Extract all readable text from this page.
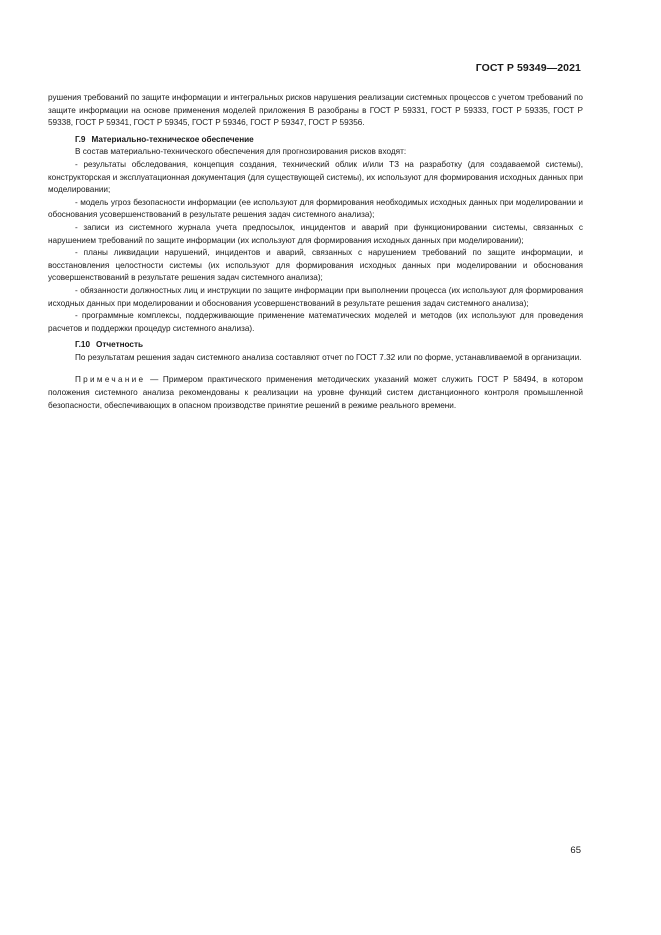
ГОСТ Р 59349—2021

рушения требований по защите информации и интегральных рисков нарушения реализации системных процессов с учетом требований по защите информации на основе применения моделей приложения В разобраны в ГОСТ Р 59331, ГОСТ Р 59333, ГОСТ Р 59335, ГОСТ Р 59338, ГОСТ Р 59341, ГОСТ Р 59345, ГОСТ Р 59346, ГОСТ Р 59347, ГОСТ Р 59356.

Г.9 Материально-техническое обеспечение

В состав материально-технического обеспечения для прогнозирования рисков входят:

- результаты обследования, концепция создания, технический облик и/или ТЗ на разработку (для создаваемой системы), конструкторская и эксплуатационная документация (для существующей системы), их используют для формирования исходных данных при моделировании;

- модель угроз безопасности информации (ее используют для формирования необходимых исходных данных при моделировании и обоснования усовершенствований в результате решения задач системного анализа);

- записи из системного журнала учета предпосылок, инцидентов и аварий при функционировании системы, связанных с нарушением требований по защите информации (их используют для формирования исходных данных при моделировании);

- планы ликвидации нарушений, инцидентов и аварий, связанных с нарушением требований по защите информации, и восстановления целостности системы (их используют для формирования исходных данных при моделировании и обоснования усовершенствований в результате решения задач системного анализа);

- обязанности должностных лиц и инструкции по защите информации при выполнении процесса (их используют для формирования исходных данных при моделировании и обоснования усовершенствований в результате решения задач системного анализа);

- программные комплексы, поддерживающие применение математических моделей и методов (их используют для проведения расчетов и поддержки процедур системного анализа).

Г.10 Отчетность

По результатам решения задач системного анализа составляют отчет по ГОСТ 7.32 или по форме, устанавливаемой в организации.

Примечание — Примером практического применения методических указаний может служить ГОСТ Р 58494, в котором положения системного анализа рекомендованы к реализации на уровне функций систем дистанционного контроля промышленной безопасности, обеспечивающих в опасном производстве принятие решений в режиме реального времени.

65
